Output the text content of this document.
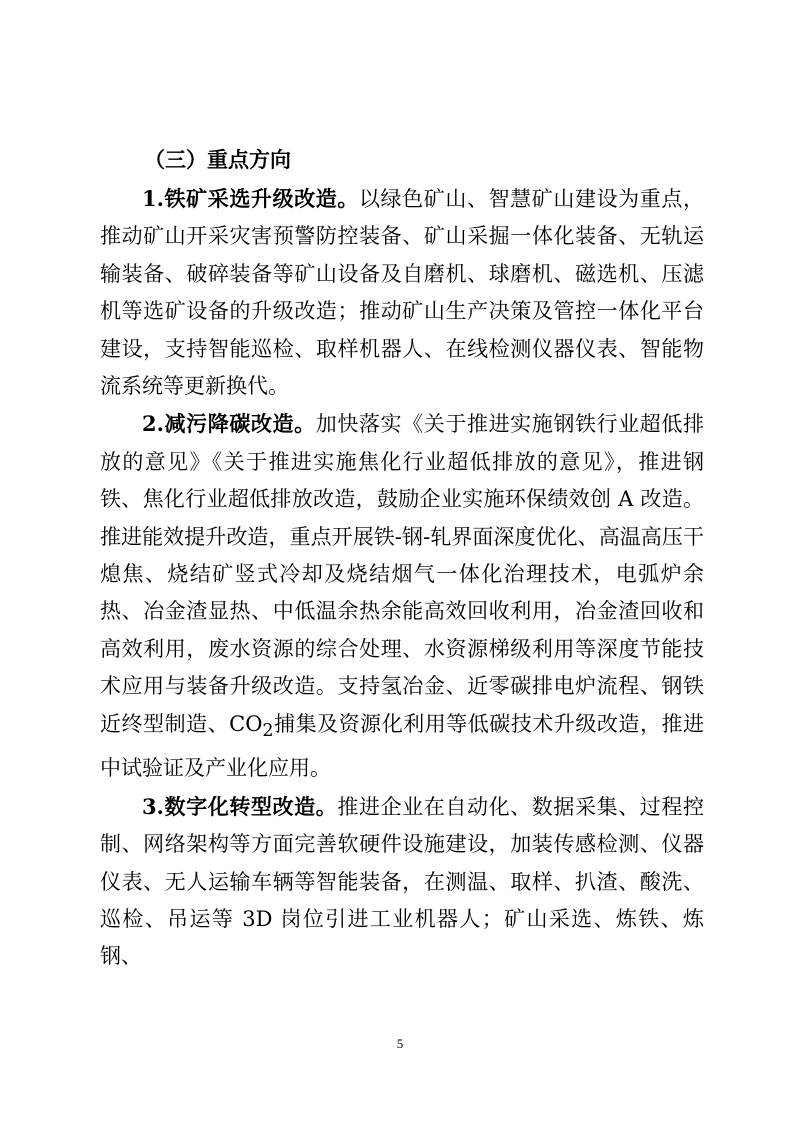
（三）重点方向

1.铁矿采选升级改造。以绿色矿山、智慧矿山建设为重点，推动矿山开采灾害预警防控装备、矿山采掘一体化装备、无轨运输装备、破碎装备等矿山设备及自磨机、球磨机、磁选机、压滤机等选矿设备的升级改造；推动矿山生产决策及管控一体化平台建设，支持智能巡检、取样机器人、在线检测仪器仪表、智能物流系统等更新换代。

2.减污降碳改造。加快落实《关于推进实施钢铁行业超低排放的意见》《关于推进实施焦化行业超低排放的意见》，推进钢铁、焦化行业超低排放改造，鼓励企业实施环保绩效创 A 改造。推进能效提升改造，重点开展铁-钢-轧界面深度优化、高温高压干熄焦、烧结矿竖式冷却及烧结烟气一体化治理技术，电弧炉余热、冶金渣显热、中低温余热余能高效回收利用，冶金渣回收和高效利用，废水资源的综合处理、水资源梯级利用等深度节能技术应用与装备升级改造。支持氢冶金、近零碳排电炉流程、钢铁近终型制造、$CO_2$捕集及资源化利用等低碳技术升级改造，推进中试验证及产业化应用。

3.数字化转型改造。推进企业在自动化、数据采集、过程控制、网络架构等方面完善软硬件设施建设，加装传感检测、仪器仪表、无人运输车辆等智能装备，在测温、取样、扒渣、酸洗、巡检、吊运等 3D 岗位引进工业机器人；矿山采选、炼铁、炼钢、

5
